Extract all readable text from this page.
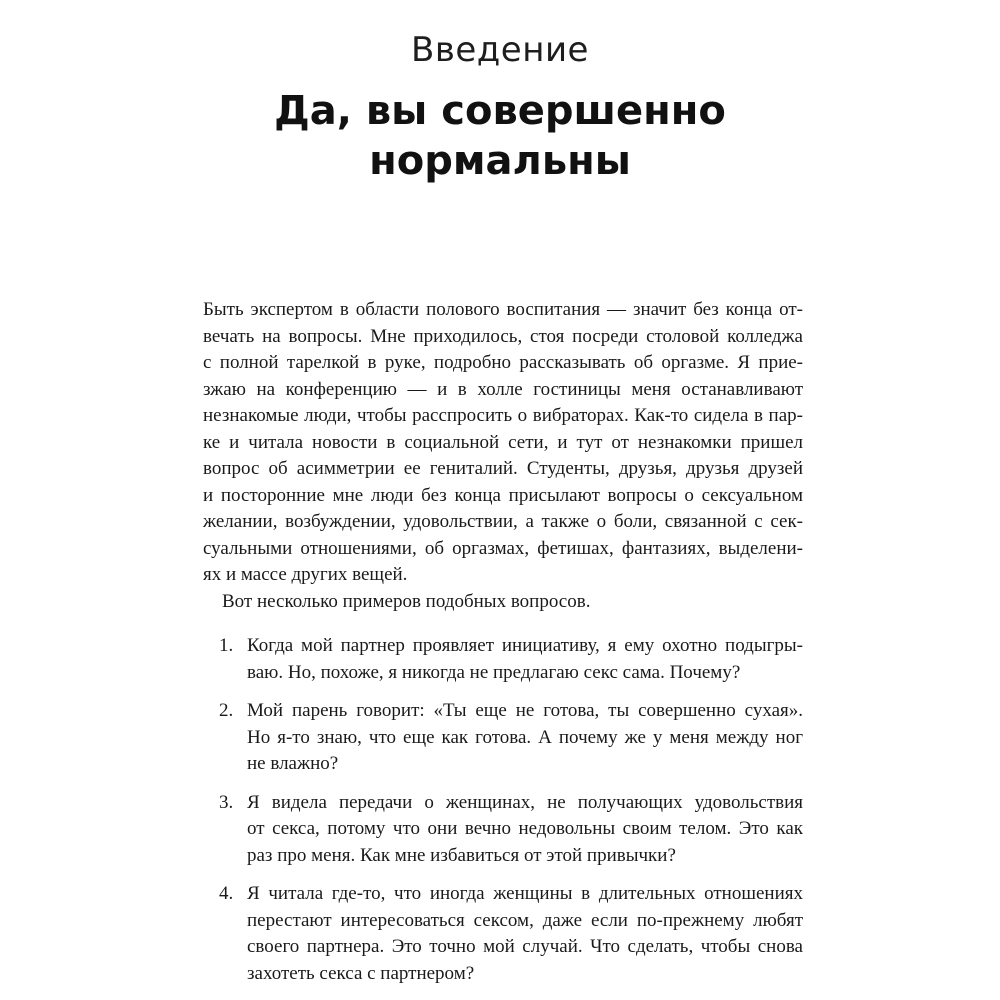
Введение
Да, вы совершенно
нормальны
Быть экспертом в области полового воспитания — значит без конца от-
вечать на вопросы. Мне приходилось, стоя посреди столовой колледжа
с полной тарелкой в руке, подробно рассказывать об оргазме. Я прие-
зжаю на конференцию — и в холле гостиницы меня останавливают
незнакомые люди, чтобы расспросить о вибраторах. Как-то сидела в пар-
ке и читала новости в социальной сети, и тут от незнакомки пришел
вопрос об асимметрии ее гениталий. Студенты, друзья, друзья друзей
и посторонние мне люди без конца присылают вопросы о сексуальном
желании, возбуждении, удовольствии, а также о боли, связанной с сек-
суальными отношениями, об оргазмах, фетишах, фантазиях, выделени-
ях и массе других вещей.
Вот несколько примеров подобных вопросов.
1. Когда мой партнер проявляет инициативу, я ему охотно подыгры-
ваю. Но, похоже, я никогда не предлагаю секс сама. Почему?
2. Мой парень говорит: «Ты еще не готова, ты совершенно сухая».
Но я-то знаю, что еще как готова. А почему же у меня между ног
не влажно?
3. Я видела передачи о женщинах, не получающих удовольствия
от секса, потому что они вечно недовольны своим телом. Это как
раз про меня. Как мне избавиться от этой привычки?
4. Я читала где-то, что иногда женщины в длительных отношениях
перестают интересоваться сексом, даже если по-прежнему любят
своего партнера. Это точно мой случай. Что сделать, чтобы снова
захотеть секса с партнером?
